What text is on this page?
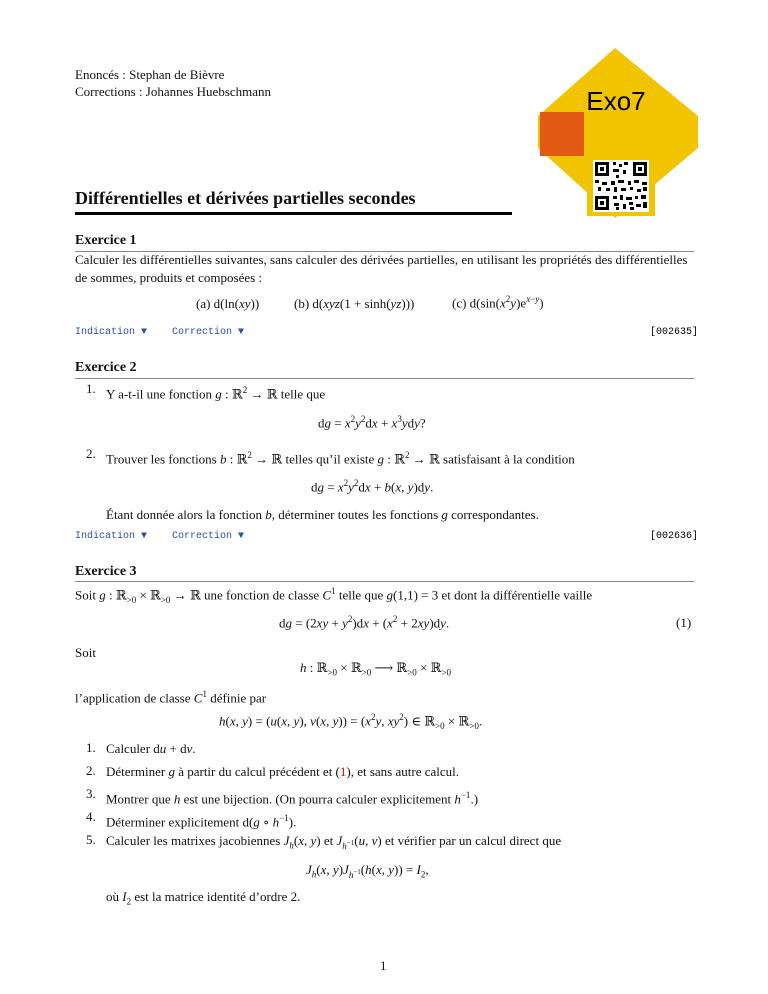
Enoncés : Stephan de Bièvre
Corrections : Johannes Huebschmann	Exo7
Différentielles et dérivées partielles secondes
Exercice 1
Calculer les différentielles suivantes, sans calculer des dérivées partielles, en utilisant les propriétés des différentielles de sommes, produits et composées :
(a) d(ln(xy))	(b) d(xyz(1 + sinh(yz)))	(c) $d(\sin(x^2y)e^{x-y})$
Indication ▼ Correction ▼	[002635]
Exercice 2
1. Y a-t-il une fonction g : ℝ$^2$ → ℝ telle que
dg = $x^2y^2dx + x^3ydy$?
2. Trouver les fonctions b : ℝ$^2$ → ℝ telles qu’il existe g : ℝ$^2$ → ℝ satisfaisant à la condition
dg = $x^2y^2dx + b(x$, y)dy.
Étant donnée alors la fonction b, déterminer toutes les fonctions g correspondantes.
Indication ▼ Correction ▼	[002636]
Exercice 3
Soit g : ℝ$_{>0}$ × ℝ$_{>0}$ → ℝ une fonction de classe $C^1$ telle que g(1,1) = 3 et dont la différentielle vaille
dg = $(2xy + y^2)dx + (x^2 + 2xy)dy$.	(1)
Soit
h : ℝ$_{>0}$ × ℝ$_{>0}$ ⟶ ℝ$_{>0}$ × ℝ$_{>0}$
l’application de classe $C^1$ définie par
h(x, y) = (u(x, y), v(x, $y)) = (x^2y$, $xy^2$) ∈ ℝ$_{>0}$ × ℝ$_{>0}$.
1. Calculer du + dv.
2. Déterminer g à partir du calcul précédent et (1), et sans autre calcul.
3. Montrer que h est une bijection. (On pourra calculer explicitement $h^{-1}$.)
4. Déterminer explicitement d(g ∘ $h^{-1}$).
5. Calculer les matrixes jacobiennes $J_h(x$, y) et $J_{h^{-1}}(u$, v) et vérifier par un calcul direct que
$J_h(x$, $y)J_{h^{-1}}(h(x$, $y)) = I_2$,
où $I_2$ est la matrice identité d’ordre 2.
1
